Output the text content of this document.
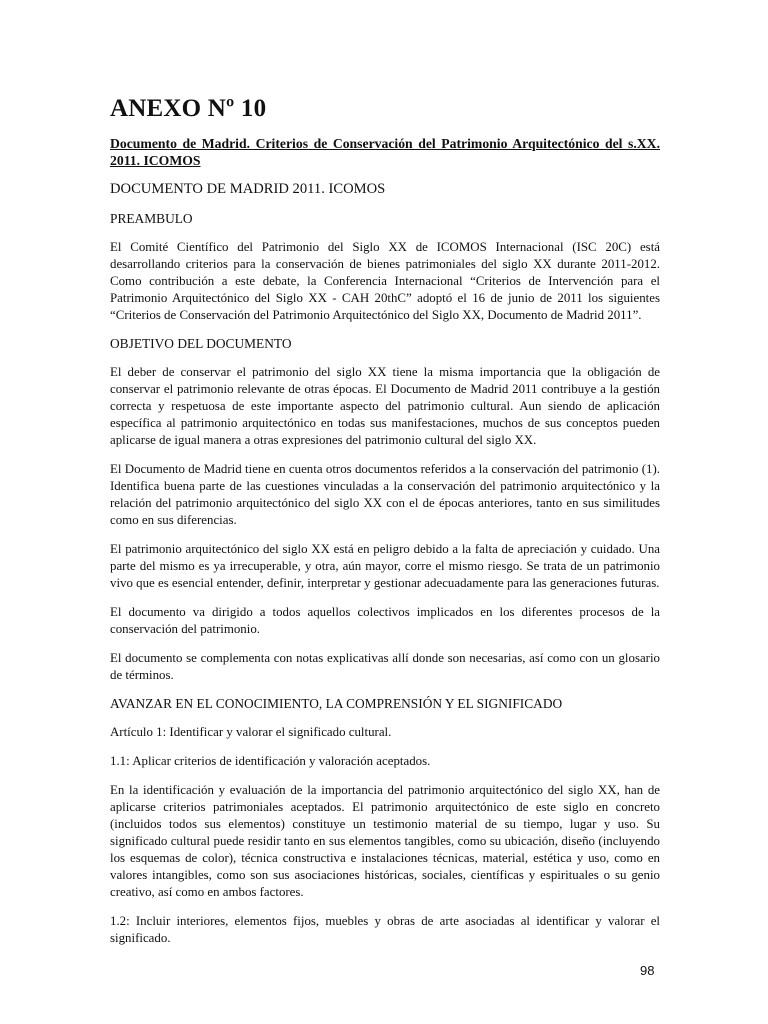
ANEXO Nº 10

Documento de Madrid. Criterios de Conservación del Patrimonio Arquitectónico del s.XX. 2011. ICOMOS

DOCUMENTO DE MADRID 2011. ICOMOS

PREAMBULO

El Comité Científico del Patrimonio del Siglo XX de ICOMOS Internacional (ISC 20C) está desarrollando criterios para la conservación de bienes patrimoniales del siglo XX durante 2011-2012. Como contribución a este debate, la Conferencia Internacional “Criterios de Intervención para el Patrimonio Arquitectónico del Siglo XX - CAH 20thC” adoptó el 16 de junio de 2011 los siguientes “Criterios de Conservación del Patrimonio Arquitectónico del Siglo XX, Documento de Madrid 2011”.

OBJETIVO DEL DOCUMENTO

El deber de conservar el patrimonio del siglo XX tiene la misma importancia que la obligación de conservar el patrimonio relevante de otras épocas. El Documento de Madrid 2011 contribuye a la gestión correcta y respetuosa de este importante aspecto del patrimonio cultural. Aun siendo de aplicación específica al patrimonio arquitectónico en todas sus manifestaciones, muchos de sus conceptos pueden aplicarse de igual manera a otras expresiones del patrimonio cultural del siglo XX.

El Documento de Madrid tiene en cuenta otros documentos referidos a la conservación del patrimonio (1). Identifica buena parte de las cuestiones vinculadas a la conservación del patrimonio arquitectónico y la relación del patrimonio arquitectónico del siglo XX con el de épocas anteriores, tanto en sus similitudes como en sus diferencias.

El patrimonio arquitectónico del siglo XX está en peligro debido a la falta de apreciación y cuidado. Una parte del mismo es ya irrecuperable, y otra, aún mayor, corre el mismo riesgo. Se trata de un patrimonio vivo que es esencial entender, definir, interpretar y gestionar adecuadamente para las generaciones futuras.

El documento va dirigido a todos aquellos colectivos implicados en los diferentes procesos de la conservación del patrimonio.

El documento se complementa con notas explicativas allí donde son necesarias, así como con un glosario de términos.

AVANZAR EN EL CONOCIMIENTO, LA COMPRENSIÓN Y EL SIGNIFICADO

Artículo 1: Identificar y valorar el significado cultural.

1.1: Aplicar criterios de identificación y valoración aceptados.

En la identificación y evaluación de la importancia del patrimonio arquitectónico del siglo XX, han de aplicarse criterios patrimoniales aceptados. El patrimonio arquitectónico de este siglo en concreto (incluidos todos sus elementos) constituye un testimonio material de su tiempo, lugar y uso. Su significado cultural puede residir tanto en sus elementos tangibles, como su ubicación, diseño (incluyendo los esquemas de color), técnica constructiva e instalaciones técnicas, material, estética y uso, como en valores intangibles, como son sus asociaciones históricas, sociales, científicas y espirituales o su genio creativo, así como en ambos factores.

1.2: Incluir interiores, elementos fijos, muebles y obras de arte asociadas al identificar y valorar el significado.

98
